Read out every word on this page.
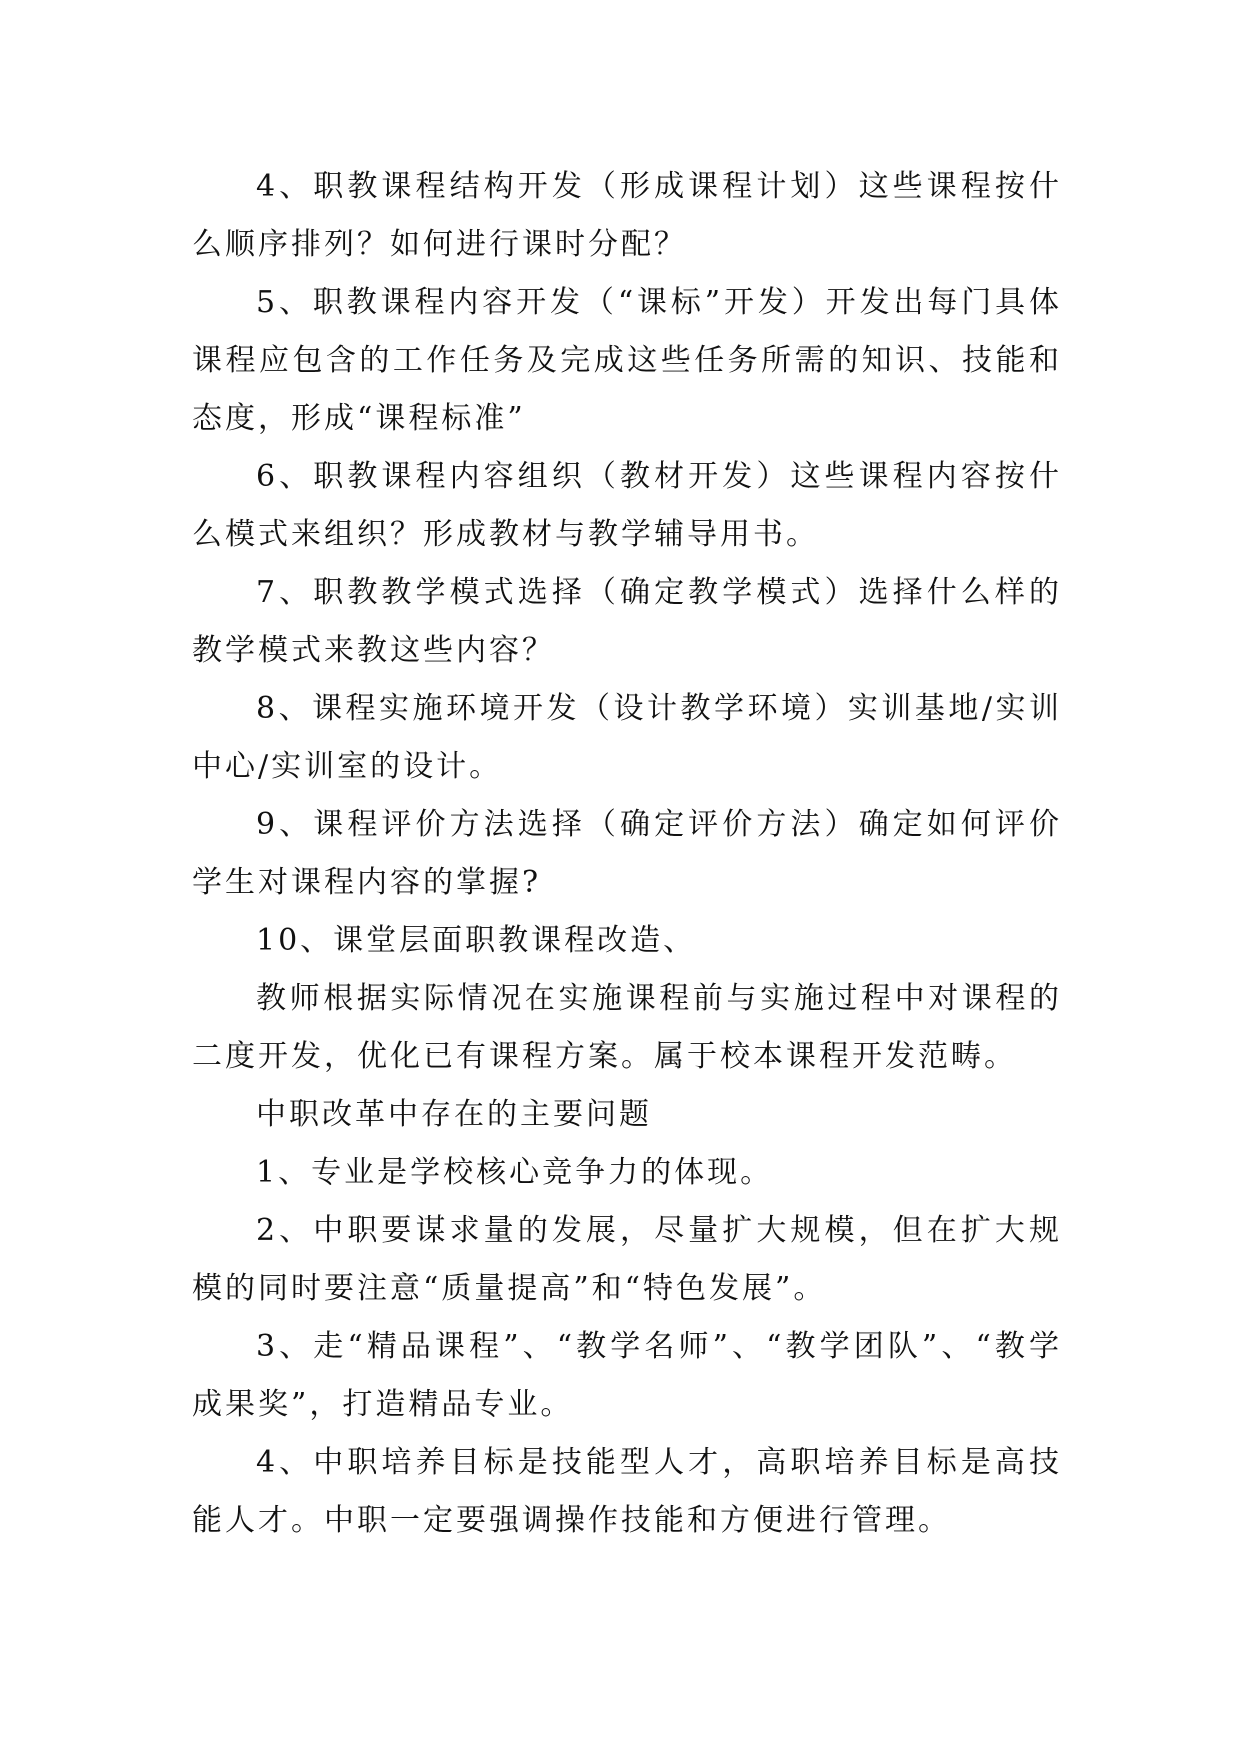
4、职教课程结构开发（形成课程计划）这些课程按什么顺序排列？如何进行课时分配？

5、职教课程内容开发（“课标”开发）开发出每门具体课程应包含的工作任务及完成这些任务所需的知识、技能和态度，形成“课程标准”

6、职教课程内容组织（教材开发）这些课程内容按什么模式来组织？形成教材与教学辅导用书。

7、职教教学模式选择（确定教学模式）选择什么样的教学模式来教这些内容？

8、课程实施环境开发（设计教学环境）实训基地/实训中心/实训室的设计。

9、课程评价方法选择（确定评价方法）确定如何评价学生对课程内容的掌握?

10、课堂层面职教课程改造、

教师根据实际情况在实施课程前与实施过程中对课程的二度开发，优化已有课程方案。属于校本课程开发范畴。

中职改革中存在的主要问题

1、专业是学校核心竞争力的体现。

2、中职要谋求量的发展，尽量扩大规模，但在扩大规模的同时要注意“质量提高”和“特色发展”。

3、走“精品课程”、“教学名师”、“教学团队”、“教学成果奖”，打造精品专业。

4、中职培养目标是技能型人才，高职培养目标是高技能人才。中职一定要强调操作技能和方便进行管理。
